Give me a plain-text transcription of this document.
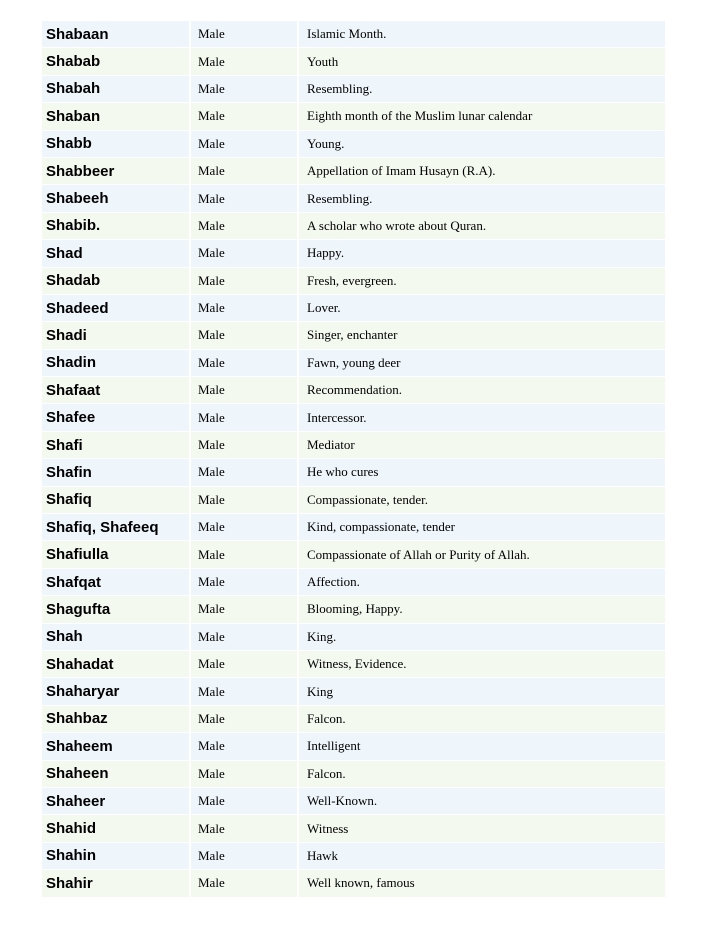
Shabaan	Male	Islamic Month.
Shabab	Male	Youth
Shabah	Male	Resembling.
Shaban	Male	Eighth month of the Muslim lunar calendar
Shabb	Male	Young.
Shabbeer	Male	Appellation of Imam Husayn (R.A).
Shabeeh	Male	Resembling.
Shabib.	Male	A scholar who wrote about Quran.
Shad	Male	Happy.
Shadab	Male	Fresh, evergreen.
Shadeed	Male	Lover.
Shadi	Male	Singer, enchanter
Shadin	Male	Fawn, young deer
Shafaat	Male	Recommendation.
Shafee	Male	Intercessor.
Shafi	Male	Mediator
Shafin	Male	He who cures
Shafiq	Male	Compassionate, tender.
Shafiq, Shafeeq	Male	Kind, compassionate, tender
Shafiulla	Male	Compassionate of Allah or Purity of Allah.
Shafqat	Male	Affection.
Shagufta	Male	Blooming, Happy.
Shah	Male	King.
Shahadat	Male	Witness, Evidence.
Shaharyar	Male	King
Shahbaz	Male	Falcon.
Shaheem	Male	Intelligent
Shaheen	Male	Falcon.
Shaheer	Male	Well-Known.
Shahid	Male	Witness
Shahin	Male	Hawk
Shahir	Male	Well known, famous
